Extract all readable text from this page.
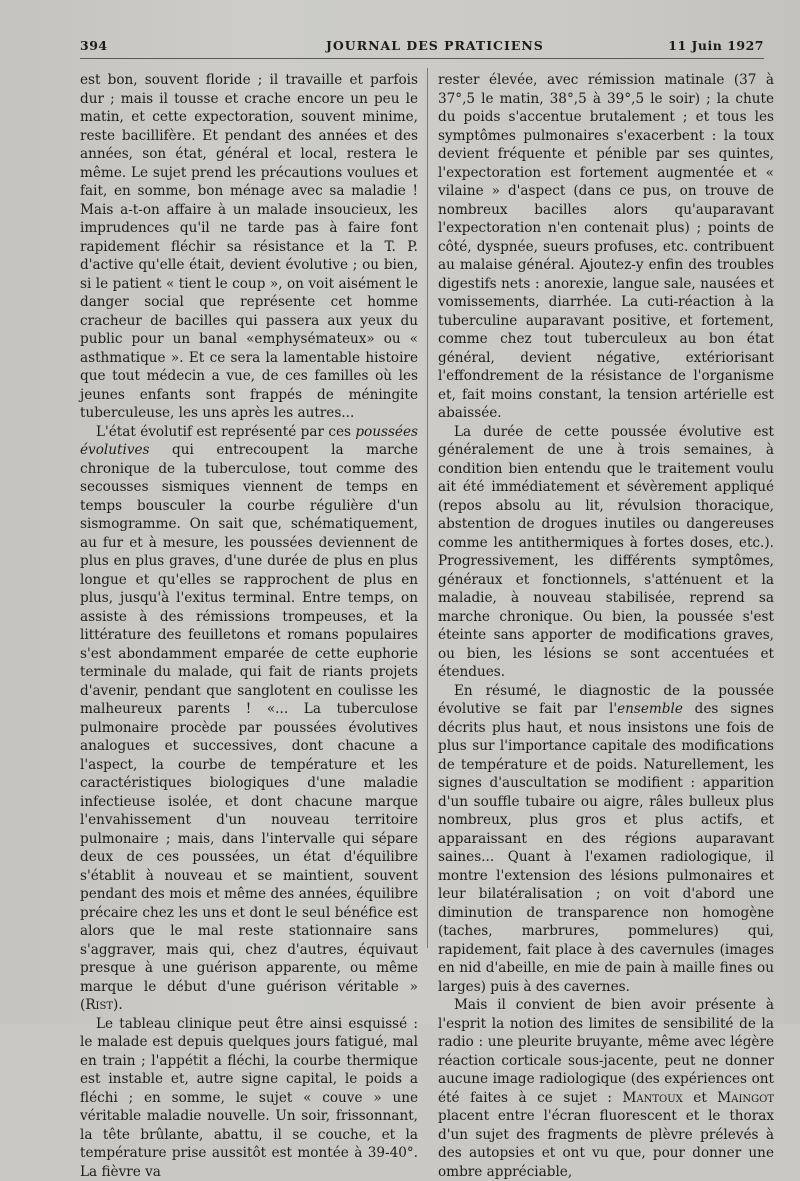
394	JOURNAL DES PRATICIENS	11 Juin 1927

est bon, souvent floride ; il travaille et parfois dur ; mais il tousse et crache encore un peu le matin, et cette expectoration, souvent minime, reste bacillifère. Et pendant des années et des années, son état, général et local, restera le même. Le sujet prend les précautions voulues et fait, en somme, bon ménage avec sa maladie ! Mais a-t-on affaire à un malade insoucieux, les imprudences qu'il ne tarde pas à faire font rapidement fléchir sa résistance et la T. P. d'active qu'elle était, devient évolutive ; ou bien, si le patient « tient le coup », on voit aisément le danger social que représente cet homme cracheur de bacilles qui passera aux yeux du public pour un banal «emphysémateux» ou « asthmatique ». Et ce sera la lamentable histoire que tout médecin a vue, de ces familles où les jeunes enfants sont frappés de méningite tuberculeuse, les uns après les autres...

L'état évolutif est représenté par ces poussées évolutives qui entrecoupent la marche chronique de la tuberculose, tout comme des secousses sismiques viennent de temps en temps bousculer la courbe régulière d'un sismogramme. On sait que, schématiquement, au fur et à mesure, les poussées deviennent de plus en plus graves, d'une durée de plus en plus longue et qu'elles se rapprochent de plus en plus, jusqu'à l'exitus terminal. Entre temps, on assiste à des rémissions trompeuses, et la littérature des feuilletons et romans populaires s'est abondamment emparée de cette euphorie terminale du malade, qui fait de riants projets d'avenir, pendant que sanglotent en coulisse les malheureux parents ! «... La tuberculose pulmonaire procède par poussées évolutives analogues et successives, dont chacune a l'aspect, la courbe de température et les caractéristiques biologiques d'une maladie infectieuse isolée, et dont chacune marque l'envahissement d'un nouveau territoire pulmonaire ; mais, dans l'intervalle qui sépare deux de ces poussées, un état d'équilibre s'établit à nouveau et se maintient, souvent pendant des mois et même des années, équilibre précaire chez les uns et dont le seul bénéfice est alors que le mal reste stationnaire sans s'aggraver, mais qui, chez d'autres, équivaut presque à une guérison apparente, ou même marque le début d'une guérison véritable » (Rist).

Le tableau clinique peut être ainsi esquissé : le malade est depuis quelques jours fatigué, mal en train ; l'appétit a fléchi, la courbe thermique est instable et, autre signe capital, le poids a fléchi ; en somme, le sujet « couve » une véritable maladie nouvelle. Un soir, frissonnant, la tête brûlante, abattu, il se couche, et la température prise aussitôt est montée à 39-40°. La fièvre va

rester élevée, avec rémission matinale (37 à 37°,5 le matin, 38°,5 à 39°,5 le soir) ; la chute du poids s'accentue brutalement ; et tous les symptômes pulmonaires s'exacerbent : la toux devient fréquente et pénible par ses quintes, l'expectoration est fortement augmentée et « vilaine » d'aspect (dans ce pus, on trouve de nombreux bacilles alors qu'auparavant l'expectoration n'en contenait plus) ; points de côté, dyspnée, sueurs profuses, etc. contribuent au malaise général. Ajoutez-y enfin des troubles digestifs nets : anorexie, langue sale, nausées et vomissements, diarrhée. La cuti-réaction à la tuberculine auparavant positive, et fortement, comme chez tout tuberculeux au bon état général, devient négative, extériorisant l'effondrement de la résistance de l'organisme et, fait moins constant, la tension artérielle est abaissée.

La durée de cette poussée évolutive est généralement de une à trois semaines, à condition bien entendu que le traitement voulu ait été immédiatement et sévèrement appliqué (repos absolu au lit, révulsion thoracique, abstention de drogues inutiles ou dangereuses comme les antithermiques à fortes doses, etc.). Progressivement, les différents symptômes, généraux et fonctionnels, s'atténuent et la maladie, à nouveau stabilisée, reprend sa marche chronique. Ou bien, la poussée s'est éteinte sans apporter de modifications graves, ou bien, les lésions se sont accentuées et étendues.

En résumé, le diagnostic de la poussée évolutive se fait par l'ensemble des signes décrits plus haut, et nous insistons une fois de plus sur l'importance capitale des modifications de température et de poids. Naturellement, les signes d'auscultation se modifient : apparition d'un souffle tubaire ou aigre, râles bulleux plus nombreux, plus gros et plus actifs, et apparaissant en des régions auparavant saines... Quant à l'examen radiologique, il montre l'extension des lésions pulmonaires et leur bilatéralisation ; on voit d'abord une diminution de transparence non homogène (taches, marbrures, pommelures) qui, rapidement, fait place à des cavernules (images en nid d'abeille, en mie de pain à maille fines ou larges) puis à des cavernes.

Mais il convient de bien avoir présente à l'esprit la notion des limites de sensibilité de la radio : une pleurite bruyante, même avec légère réaction corticale sous-jacente, peut ne donner aucune image radiologique (des expériences ont été faites à ce sujet : Mantoux et Maingot placent entre l'écran fluorescent et le thorax d'un sujet des fragments de plèvre prélevés à des autopsies et ont vu que, pour donner une ombre appréciable,
